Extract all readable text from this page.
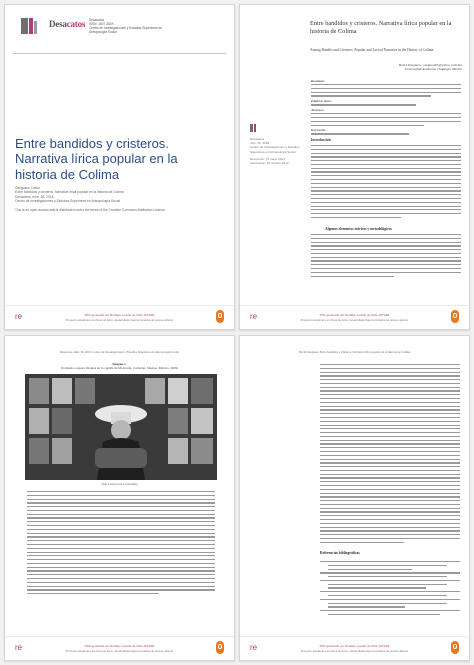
Desacatos Desacatos
ISSN: 1607-050X
Centro de Investigaciones y Estudios Superiores en
Antropología Social
Entre bandidos y cristeros. Narrativa lírica popular en la historia de Colima
Oseguera, David
Entre bandidos y cristeros. Narrativa lírica popular en la historia de Colima
Desacatos, núm. 56, 2018
Centro de Investigaciones y Estudios Superiores en Antropología Social
This is an open-access article distributed under the terms of the Creative Commons Attribution License.
re	PDF generado por Redalyc a partir de XML-JATS4R
Proyecto académico sin fines de lucro, desarrollado bajo la iniciativa de acceso abierto
Entre bandidos y cristeros. Narrativa lírica popular en la historia de Colima
Among Bandits and Cristeros. Popular and Lyrical Narrative in the History of Colima
David Oseguera / oseguera05@yahoo.com.mx
Universidad Autónoma Chapingo, México
Resumen:
Palabras clave:
Abstract:
Keywords:
Introducción
Desacatos
núm. 56, 2018
Centro de Investigaciones y Estudios Superiores en Antropología Social
Recepción: 07 mayo 2014
Aprobación: 24 octubre 2014
Algunos elementos teóricos y metodológicos
re	PDF generado por Redalyc a partir de XML-JATS4R
Proyecto académico sin fines de lucro, desarrollado bajo la iniciativa de acceso abierto
Desacatos, núm. 56, 2018, Centro de Investigaciones y Estudios Superiores en Antropología Social
Imagen 1.
Un músico espera clientes en la capilla de Malverde, Culiacán, Sinaloa, México, 2009.
Juan Carlos Cruz Covarrubias
re	PDF generado por Redalyc a partir de XML-JATS4R
Proyecto académico sin fines de lucro, desarrollado bajo la iniciativa de acceso abierto
David Oseguera, Entre bandidos y cristeros. Narrativa lírica popular en la historia de Colima
Referencias bibliográficas
re	PDF generado por Redalyc a partir de XML-JATS4R
Proyecto académico sin fines de lucro, desarrollado bajo la iniciativa de acceso abierto
